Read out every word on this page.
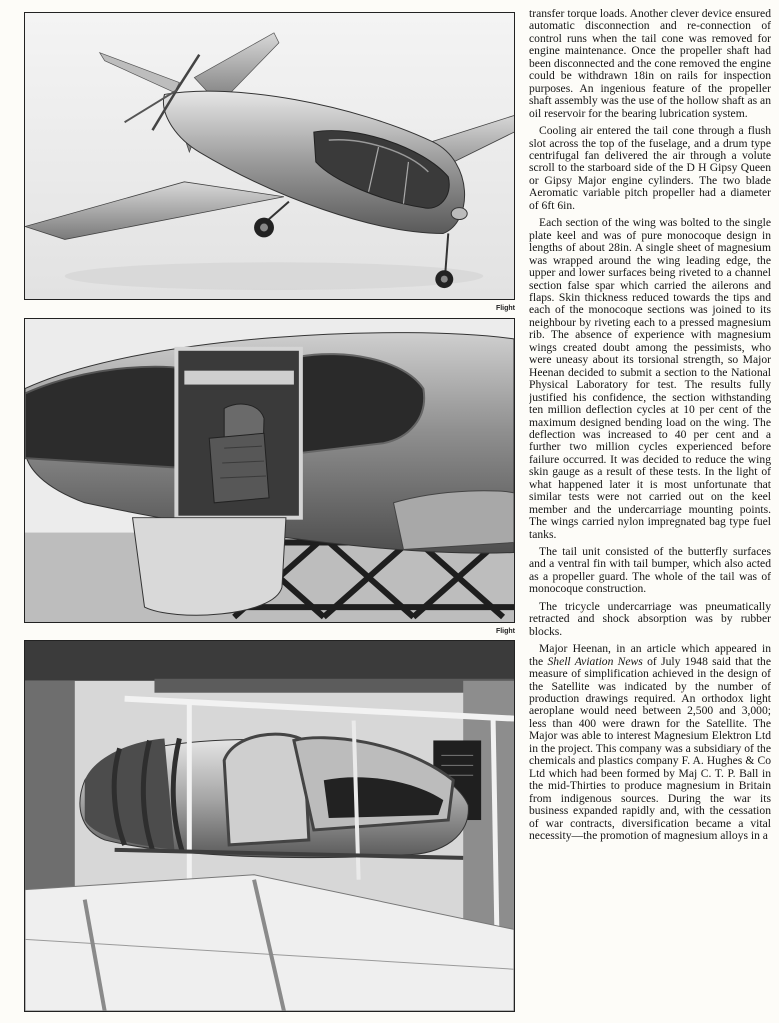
Flight
Flight

transfer torque loads. Another clever device ensured automatic disconnection and re-connection of control runs when the tail cone was removed for engine maintenance. Once the propeller shaft had been disconnected and the cone removed the engine could be withdrawn 18in on rails for inspection purposes. An ingenious feature of the propeller shaft assembly was the use of the hollow shaft as an oil reservoir for the bearing lubrication system.

Cooling air entered the tail cone through a flush slot across the top of the fuselage, and a drum type centrifugal fan delivered the air through a volute scroll to the starboard side of the D H Gipsy Queen or Gipsy Major engine cylinders. The two blade Aeromatic variable pitch propeller had a diameter of 6ft 6in.

Each section of the wing was bolted to the single plate keel and was of pure monocoque design in lengths of about 28in. A single sheet of magnesium was wrapped around the wing leading edge, the upper and lower surfaces being riveted to a channel section false spar which carried the ailerons and flaps. Skin thickness reduced towards the tips and each of the monocoque sections was joined to its neighbour by riveting each to a pressed magnesium rib. The absence of experience with magnesium wings created doubt among the pessimists, who were uneasy about its torsional strength, so Major Heenan decided to submit a section to the National Physical Laboratory for test. The results fully justified his confidence, the section withstanding ten million deflection cycles at 10 per cent of the maximum designed bending load on the wing. The deflection was increased to 40 per cent and a further two million cycles experienced before failure occurred. It was decided to reduce the wing skin gauge as a result of these tests. In the light of what happened later it is most unfortunate that similar tests were not carried out on the keel member and the undercarriage mounting points. The wings carried nylon impregnated bag type fuel tanks.

The tail unit consisted of the butterfly surfaces and a ventral fin with tail bumper, which also acted as a propeller guard. The whole of the tail was of monocoque construction.

The tricycle undercarriage was pneumatically retracted and shock absorption was by rubber blocks.

Major Heenan, in an article which appeared in the Shell Aviation News of July 1948 said that the measure of simplification achieved in the design of the Satellite was indicated by the number of production drawings required. An orthodox light aeroplane would need between 2,500 and 3,000; less than 400 were drawn for the Satellite. The Major was able to interest Magnesium Elektron Ltd in the project. This company was a subsidiary of the chemicals and plastics company F. A. Hughes & Co Ltd which had been formed by Maj C. T. P. Ball in the mid-Thirties to produce magnesium in Britain from indigenous sources. During the war its business expanded rapidly and, with the cessation of war contracts, diversification became a vital necessity—the promotion of magnesium alloys in a
